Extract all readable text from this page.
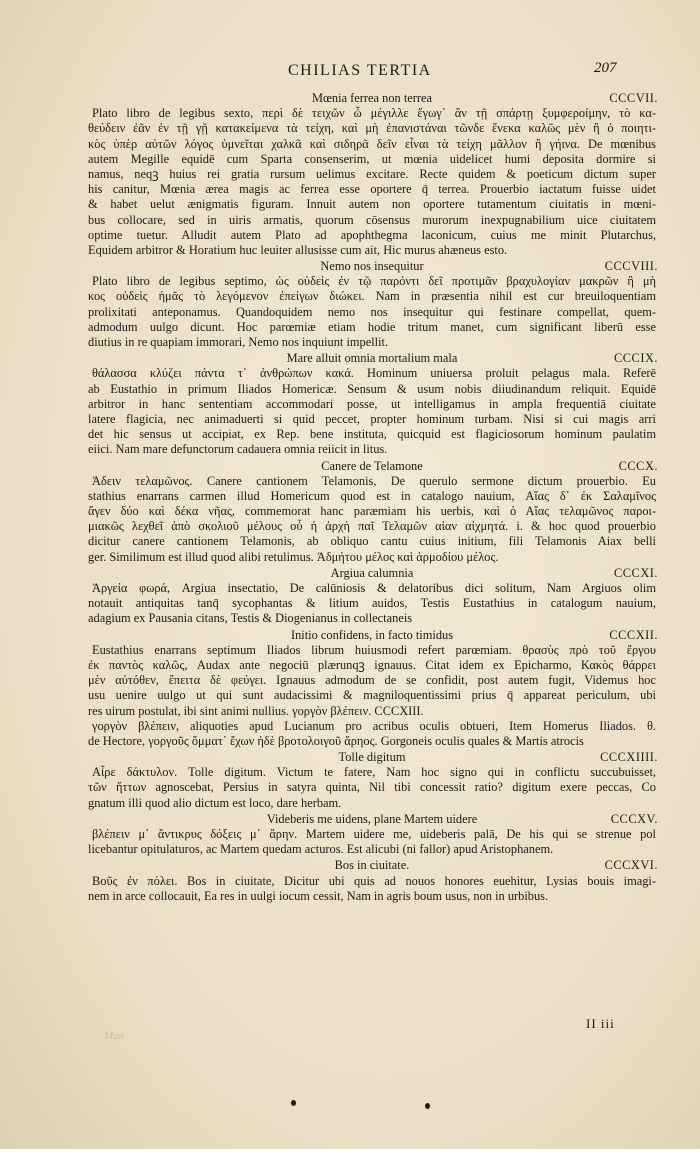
CHILIAS TERTIA	207
Mœnia ferrea non terrea	CCCVII.
Plato libro de legibus sexto, περὶ δὲ τειχῶν ὦ μέγιλλε ἔγωγ᾽ ἂν τῇ σπάρτῃ ξυμφεροίμην, τὸ κα-
θεύδειν ἐᾶν ἐν τῇ γῇ κατακείμενα τὰ τείχη, καὶ μὴ ἐπανιστάναι τῶνδε ἕνεκα καλῶς μὲν ἢ ὁ ποιητι-
κὸς ὑπὲρ αὐτῶν λόγος ὑμνεῖται χαλκᾶ καὶ σιδηρᾶ δεῖν εἶναι τὰ τείχη μᾶλλον ἢ γήινα. De mœnibus
autem Megille equidē cum Sparta consenserim, ut mœnia uidelicet humi deposita dormire si
namus, neqꝫ huius rei gratia rursum uelimus excitare. Recte quidem & poeticum dictum super
his canitur, Mœnia ærea magis ac ferrea esse oportere q̄ terrea. Prouerbio iactatum fuisse uidet
& habet uelut ænigmatis figuram. Innuit autem non oportere tutamentum ciuitatis in mœni-
bus collocare, sed in uiris armatis, quorum cōsensus murorum inexpugnabilium uice ciuitatem
optime tuetur. Alludit autem Plato ad apophthegma laconicum, cuius me minit Plutarchus,
Equidem arbitror & Horatium huc leuiter allusisse cum ait, Hic murus ahæneus esto.
Nemo nos insequitur	CCCVIII.
Plato libro de legibus septimo, ὡς οὐδεὶς ἐν τῷ παρόντι δεῖ προτιμᾶν βραχυλογίαν μακρῶν ἢ μὴ
κος οὐδεὶς ἡμᾶς τὸ λεγόμενον ἐπείγων διώκει. Nam in præsentia nihil est cur breuiloquentiam
prolixitati anteponamus. Quandoquidem nemo nos insequitur qui festinare compellat, quem-
admodum uulgo dicunt. Hoc parœmiæ etiam hodie tritum manet, cum significant liberū esse
diutius in re quapiam immorari, Nemo nos inquiunt impellit.
Mare alluit omnia mortalium mala	CCCIX.
θάλασσα κλύζει πάντα τ᾽ ἀνθρώπων κακά. Hominum uniuersa proluit pelagus mala. Referē
ab Eustathio in primum Iliados Homericæ. Sensum & usum nobis diiudinandum reliquit. Equidē
arbitror in hanc sententiam accommodari posse, ut intelligamus in ampla frequentiā ciuitate
latere flagicia, nec animaduerti si quid peccet, propter hominum turbam. Nisi si cui magis arri
det hic sensus ut accipiat, ex Rep. bene instituta, quicquid est flagiciosorum hominum paulatim
eiici. Nam mare defunctorum cadauera omnia reiicit in litus.
Canere de Telamone	CCCX.
Ἀδειν τελαμῶνος. Canere cantionem Telamonis, De querulo sermone dictum prouerbio. Eu
stathius enarrans carmen illud Homericum quod est in catalogo nauium, Αἴας δ᾽ ἐκ Σαλαμῖνος
ἄγεν δύο καὶ δέκα νῆας, commemorat hanc paræmiam his uerbis, καὶ ὁ Αἴας τελαμῶνος παροι-
μιακῶς λεχθεῖ ἀπὸ σκολιοῦ μέλους οὗ ἡ ἀρχὴ παῖ Τελαμῶν αἰαν αἰχμητά. i. & hoc quod prouerbio
dicitur canere cantionem Telamonis, ab obliquo cantu cuius initium, fili Telamonis Aiax belli
ger. Similimum est illud quod alibi retulimus. Ἀδμήτου μέλος καὶ ἁρμοδίου μέλος.
Argiua calumnia	CCCXI.
Ἀργεία φωρά, Argiua insectatio, De calūniosis & delatoribus dici solitum, Nam Argiuos olim
notauit antiquitas tanq̄ sycophantas & litium auidos, Testis Eustathius in catalogum nauium,
adagium ex Pausania citans, Testis & Diogenianus in collectaneis
Initio confidens, in facto timidus	CCCXII.
Eustathius enarrans septimum Iliados librum huiusmodi refert parœmiam. θρασὺς πρὸ τοῦ ἔργου
ἐκ παντὸς καλῶς, Audax ante negociū plærunqꝫ ignauus. Citat idem ex Epicharmo, Κακὸς θάρρει
μὲν αὐτόθεν, ἔπειτα δὲ φεύγει. Ignauus admodum de se confidit, post autem fugit, Videmus hoc
usu uenire uulgo ut qui sunt audacissimi & magniloquentissimi prius q̄ appareat periculum, ubi
res uirum postulat, ibi sint animi nullius. γοργὸν βλέπειν. CCCXIII.
γοργὸν βλέπειν, aliquoties apud Lucianum pro acribus oculis obtueri, Item Homerus Iliados. θ.
de Hectore, γοργοῦς ὄμματ᾽ ἔχων ἠδὲ βροτολοιγοῦ ἄρηος. Gorgoneis oculis quales & Martis atrocis
Tolle digitum	CCCXIIII.
Αἶρε δάκτυλον. Tolle digitum. Victum te fatere, Nam hoc signo qui in conflictu succubuisset,
τῶν ἥττων agnoscebat, Persius in satyra quinta, Nil tibi concessit ratio? digitum exere peccas, Co
gnatum illi quod alio dictum est loco, dare herbam.
Videberis me uidens, plane Martem uidere	CCCXV.
βλέπειν μ᾽ ἄντικρυς δόξεις μ᾽ ἄρην. Martem uidere me, uideberis palā, De his qui se strenue pol
licebantur opitulaturos, ac Martem quedam acturos. Est alicubi (ni fallor) apud Aristophanem.
Bos in ciuitate.	CCCXVI.
Βοῦς ἐν πόλει. Bos in ciuitate, Dicitur ubi quis ad nouos honores euehitur, Lysias bouis imagi-
nem in arce collocauit, Ea res in uulgi iocum cessit, Nam in agris boum usus, non in urbibus.
II iii
Man
